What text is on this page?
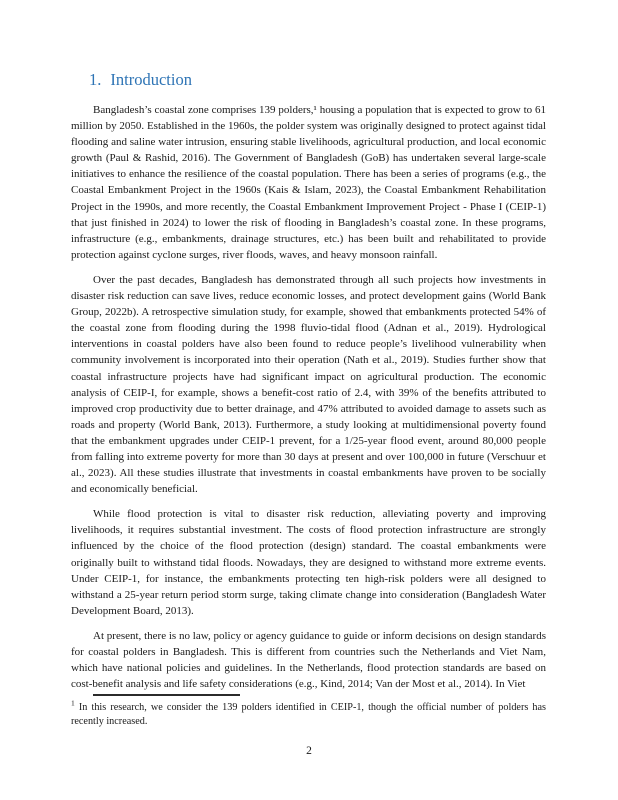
1. Introduction

Bangladesh’s coastal zone comprises 139 polders,¹ housing a population that is expected to grow to 61 million by 2050. Established in the 1960s, the polder system was originally designed to protect against tidal flooding and saline water intrusion, ensuring stable livelihoods, agricultural production, and local economic growth (Paul & Rashid, 2016). The Government of Bangladesh (GoB) has undertaken several large-scale initiatives to enhance the resilience of the coastal population. There has been a series of programs (e.g., the Coastal Embankment Project in the 1960s (Kais & Islam, 2023), the Coastal Embankment Rehabilitation Project in the 1990s, and more recently, the Coastal Embankment Improvement Project - Phase I (CEIP-1) that just finished in 2024) to lower the risk of flooding in Bangladesh’s coastal zone. In these programs, infrastructure (e.g., embankments, drainage structures, etc.) has been built and rehabilitated to provide protection against cyclone surges, river floods, waves, and heavy monsoon rainfall.

Over the past decades, Bangladesh has demonstrated through all such projects how investments in disaster risk reduction can save lives, reduce economic losses, and protect development gains (World Bank Group, 2022b). A retrospective simulation study, for example, showed that embankments protected 54% of the coastal zone from flooding during the 1998 fluvio-tidal flood (Adnan et al., 2019). Hydrological interventions in coastal polders have also been found to reduce people’s livelihood vulnerability when community involvement is incorporated into their operation (Nath et al., 2019). Studies further show that coastal infrastructure projects have had significant impact on agricultural production. The economic analysis of CEIP-I, for example, shows a benefit-cost ratio of 2.4, with 39% of the benefits attributed to improved crop productivity due to better drainage, and 47% attributed to avoided damage to assets such as roads and property (World Bank, 2013). Furthermore, a study looking at multidimensional poverty found that the embankment upgrades under CEIP-1 prevent, for a 1/25-year flood event, around 80,000 people from falling into extreme poverty for more than 30 days at present and over 100,000 in future (Verschuur et al., 2023). All these studies illustrate that investments in coastal embankments have proven to be socially and economically beneficial.

While flood protection is vital to disaster risk reduction, alleviating poverty and improving livelihoods, it requires substantial investment. The costs of flood protection infrastructure are strongly influenced by the choice of the flood protection (design) standard. The coastal embankments were originally built to withstand tidal floods. Nowadays, they are designed to withstand more extreme events. Under CEIP-1, for instance, the embankments protecting ten high-risk polders were all designed to withstand a 25-year return period storm surge, taking climate change into consideration (Bangladesh Water Development Board, 2013).

At present, there is no law, policy or agency guidance to guide or inform decisions on design standards for coastal polders in Bangladesh. This is different from countries such the Netherlands and Viet Nam, which have national policies and guidelines. In the Netherlands, flood protection standards are based on cost-benefit analysis and life safety considerations (e.g., Kind, 2014; Van der Most et al., 2014). In Viet

$^1$ In this research, we consider the 139 polders identified in CEIP-1, though the official number of polders has recently increased.

2
